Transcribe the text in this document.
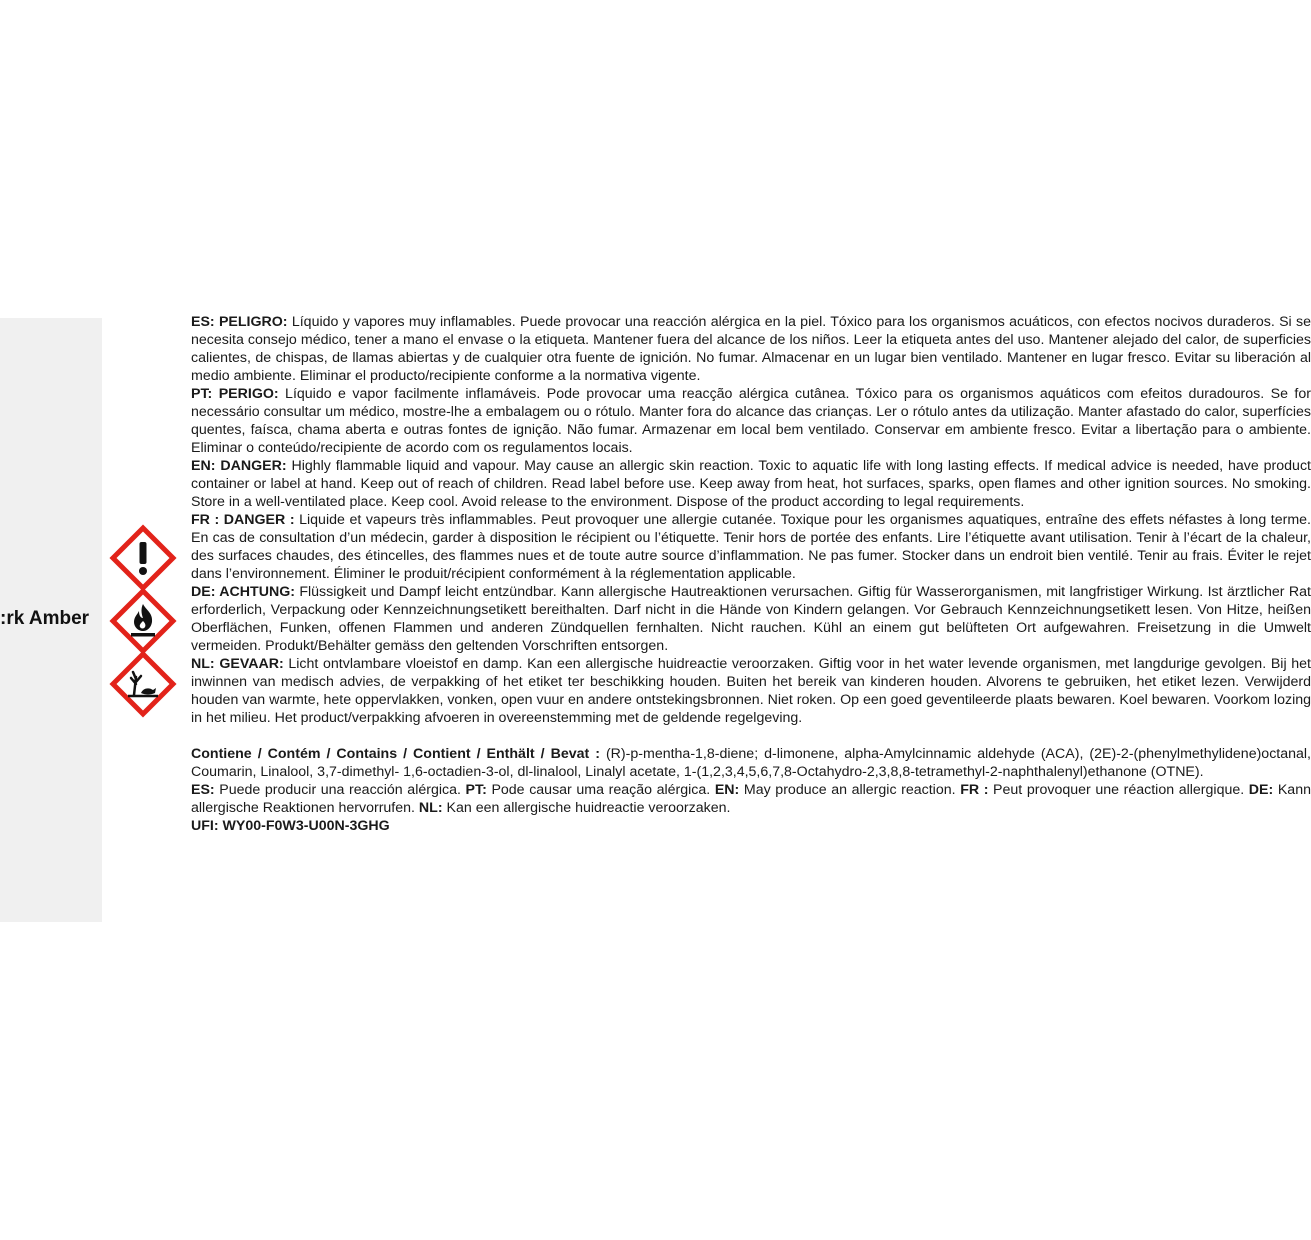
rk Amber:

ES: PELIGRO: Líquido y vapores muy inflamables. Puede provocar una reacción alérgica en la piel. Tóxico para los organismos acuáticos, con efectos nocivos duraderos. Si se necesita consejo médico, tener a mano el envase o la etiqueta. Mantener fuera del alcance de los niños. Leer la etiqueta antes del uso. Mantener alejado del calor, de superficies calientes, de chispas, de llamas abiertas y de cualquier otra fuente de ignición. No fumar. Almacenar en un lugar bien ventilado. Mantener en lugar fresco. Evitar su liberación al medio ambiente. Eliminar el producto/recipiente conforme a la normativa vigente.

PT: PERIGO: Líquido e vapor facilmente inflamáveis. Pode provocar uma reacção alérgica cutânea. Tóxico para os organismos aquáticos com efeitos duradouros. Se for necessário consultar um médico, mostre-lhe a embalagem ou o rótulo. Manter fora do alcance das crianças. Ler o rótulo antes da utilização. Manter afastado do calor, superfícies quentes, faísca, chama aberta e outras fontes de ignição. Não fumar. Armazenar em local bem ventilado. Conservar em ambiente fresco. Evitar a libertação para o ambiente. Eliminar o conteúdo/recipiente de acordo com os regulamentos locais.

EN: DANGER: Highly flammable liquid and vapour. May cause an allergic skin reaction. Toxic to aquatic life with long lasting effects. If medical advice is needed, have product container or label at hand. Keep out of reach of children. Read label before use. Keep away from heat, hot surfaces, sparks, open flames and other ignition sources. No smoking. Store in a well-ventilated place. Keep cool. Avoid release to the environment. Dispose of the product according to legal requirements.

FR : DANGER : Liquide et vapeurs très inflammables. Peut provoquer une allergie cutanée. Toxique pour les organismes aquatiques, entraîne des effets néfastes à long terme. En cas de consultation d’un médecin, garder à disposition le récipient ou l’étiquette. Tenir hors de portée des enfants. Lire l’étiquette avant utilisation. Tenir à l’écart de la chaleur, des surfaces chaudes, des étincelles, des flammes nues et de toute autre source d’inflammation. Ne pas fumer. Stocker dans un endroit bien ventilé. Tenir au frais. Éviter le rejet dans l’environnement. Éliminer le produit/récipient conformément à la réglementation applicable.

DE: ACHTUNG: Flüssigkeit und Dampf leicht entzündbar. Kann allergische Hautreaktionen verursachen. Giftig für Wasserorganismen, mit langfristiger Wirkung. Ist ärztlicher Rat erforderlich, Verpackung oder Kennzeichnungsetikett bereithalten. Darf nicht in die Hände von Kindern gelangen. Vor Gebrauch Kennzeichnungsetikett lesen. Von Hitze, heißen Oberflächen, Funken, offenen Flammen und anderen Zündquellen fernhalten. Nicht rauchen. Kühl an einem gut belüfteten Ort aufgewahren. Freisetzung in die Umwelt vermeiden. Produkt/Behälter gemäss den geltenden Vorschriften entsorgen.

NL: GEVAAR: Licht ontvlambare vloeistof en damp. Kan een allergische huidreactie veroorzaken. Giftig voor in het water levende organismen, met langdurige gevolgen. Bij het inwinnen van medisch advies, de verpakking of het etiket ter beschikking houden. Buiten het bereik van kinderen houden. Alvorens te gebruiken, het etiket lezen. Verwijderd houden van warmte, hete oppervlakken, vonken, open vuur en andere ontstekingsbronnen. Niet roken. Op een goed geventileerde plaats bewaren. Koel bewaren. Voorkom lozing in het milieu. Het product/verpakking afvoeren in overeenstemming met de geldende regelgeving.

Contiene / Contém / Contains / Contient / Enthält / Bevat : (R)-p-mentha-1,8-diene; d-limonene, alpha-Amylcinnamic aldehyde (ACA), (2E)-2-(phenylmethylidene)octanal, Coumarin, Linalool, 3,7-dimethyl- 1,6-octadien-3-ol, dl-linalool, Linalyl acetate, 1-(1,2,3,4,5,6,7,8-Octahydro-2,3,8,8-tetramethyl-2-naphthalenyl)ethanone (OTNE).

ES: Puede producir una reacción alérgica. PT: Pode causar uma reação alérgica. EN: May produce an allergic reaction. FR : Peut provoquer une réaction allergique. DE: Kann allergische Reaktionen hervorrufen. NL: Kan een allergische huidreactie veroorzaken.

UFI: WY00-F0W3-U00N-3GHG
